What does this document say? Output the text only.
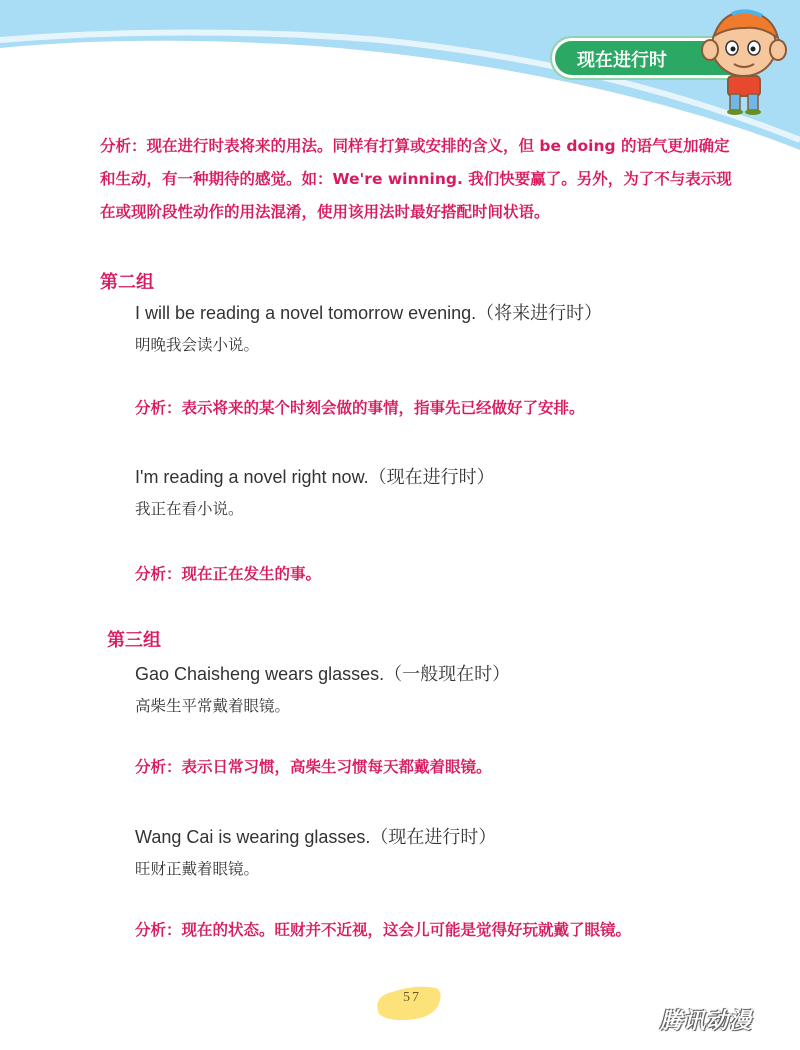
现在进行时
分析：现在进行时表将来的用法。同样有打算或安排的含义，但 be doing 的语气更加确定和生动，有一种期待的感觉。如：We're winning. 我们快要赢了。另外，为了不与表示现在或现阶段性动作的用法混淆，使用该用法时最好搭配时间状语。
第二组
I will be reading a novel tomorrow evening.（将来进行时）
明晚我会读小说。
分析：表示将来的某个时刻会做的事情，指事先已经做好了安排。
I'm reading a novel right now.（现在进行时）
我正在看小说。
分析：现在正在发生的事。
第三组
Gao Chaisheng wears glasses.（一般现在时）
高柴生平常戴着眼镜。
分析：表示日常习惯，高柴生习惯每天都戴着眼镜。
Wang Cai is wearing glasses.（现在进行时）
旺财正戴着眼镜。
分析：现在的状态。旺财并不近视，这会儿可能是觉得好玩就戴了眼镜。
57
腾讯动漫
